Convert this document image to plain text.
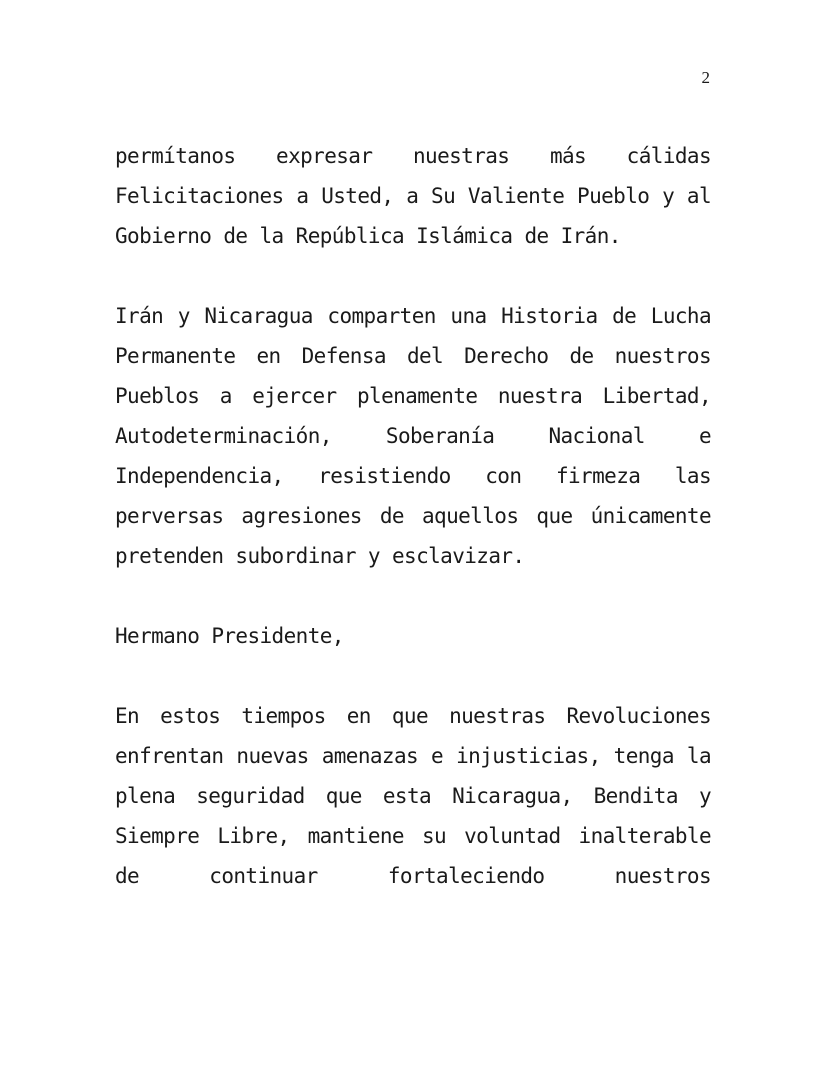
2

permítanos expresar nuestras más cálidas Felicitaciones a Usted, a Su Valiente Pueblo y al Gobierno de la República Islámica de Irán.

Irán y Nicaragua comparten una Historia de Lucha Permanente en Defensa del Derecho de nuestros Pueblos a ejercer plenamente nuestra Libertad, Autodeterminación, Soberanía Nacional e Independencia, resistiendo con firmeza las perversas agresiones de aquellos que únicamente pretenden subordinar y esclavizar.

Hermano Presidente,

En estos tiempos en que nuestras Revoluciones enfrentan nuevas amenazas e injusticias, tenga la plena seguridad que esta Nicaragua, Bendita y Siempre Libre, mantiene su voluntad inalterable de continuar fortaleciendo nuestros
